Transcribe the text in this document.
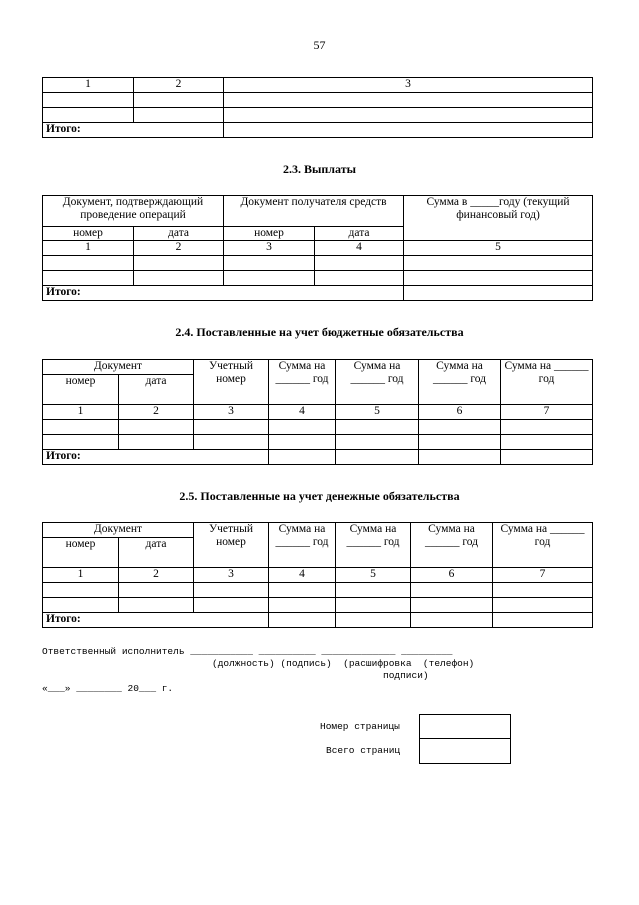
57
1	2	3

Итого:		
2.3. Выплаты
Документ, подтверждающий проведение операций		Документ получателя средств		Сумма в _____году (текущий финансовый год)
номер	дата	номер	дата	
1	2	3	4	5

Итого:				
2.4. Поставленные на учет бюджетные обязательства
Документ		Учетный номер	Сумма на ______ год	Сумма на ______ год	Сумма на ______ год	Сумма на ______ год
номер	дата					
1	2	3	4	5	6	7

Итого:						
2.5. Поставленные на учет денежные обязательства
Документ		Учетный номер	Сумма на ______ год	Сумма на ______ год	Сумма на ______ год	Сумма на ______ год
номер	дата					
1	2	3	4	5	6	7

Итого:						
Ответственный исполнитель ___________ __________ _____________ _________
(должность) (подпись)  (расшифровка  (телефон)
подписи)
«___» ________ 20___ г.
Номер страницы
Всего страниц
